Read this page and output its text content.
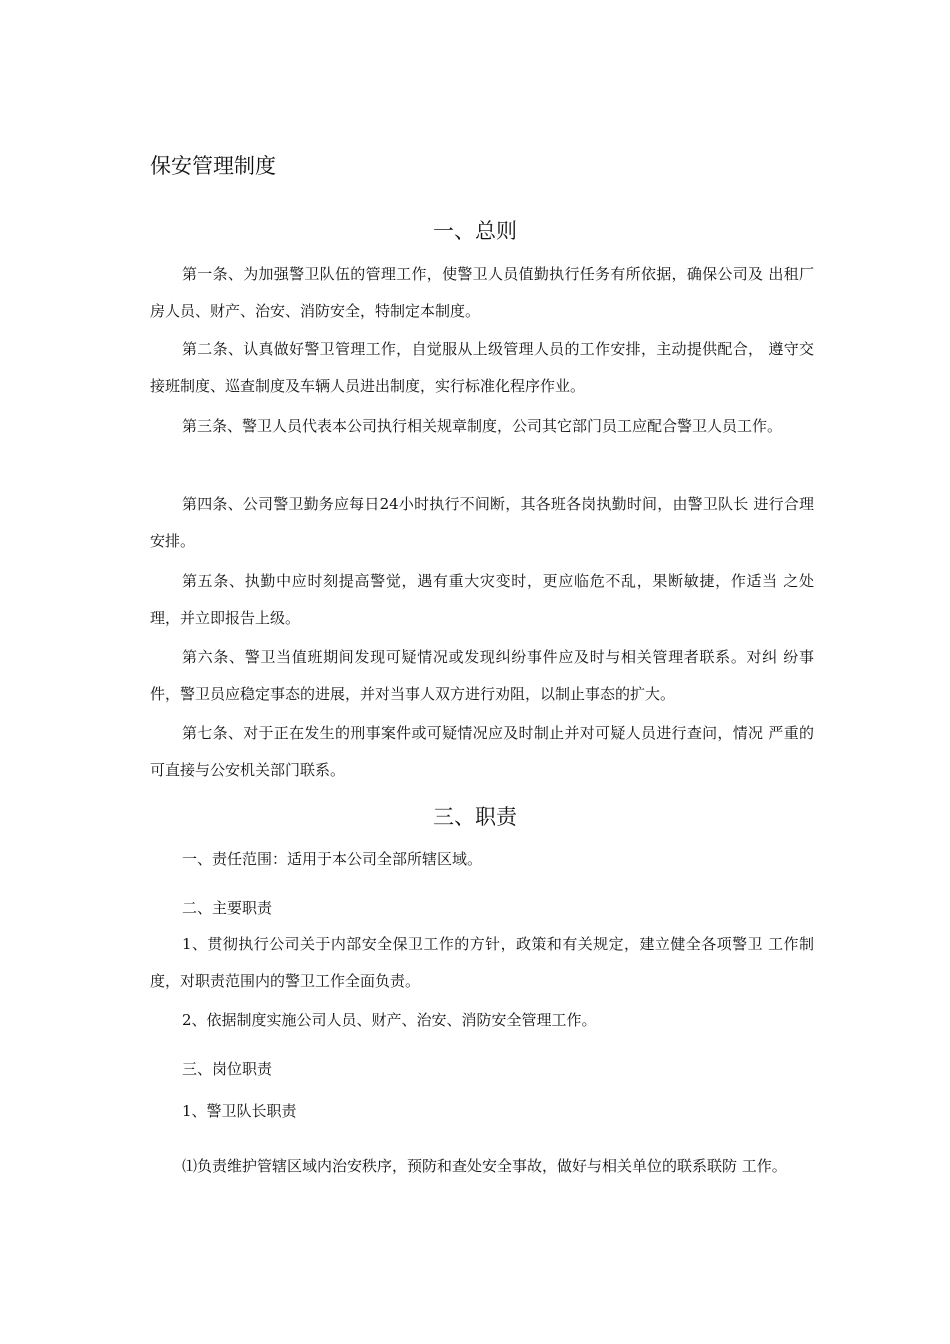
保安管理制度
一、总则
第一条、为加强警卫队伍的管理工作，使警卫人员值勤执行任务有所依据，确保公司及 出租厂房人员、财产、治安、消防安全，特制定本制度。
第二条、认真做好警卫管理工作，自觉服从上级管理人员的工作安排，主动提供配合， 遵守交接班制度、巡查制度及车辆人员进出制度，实行标准化程序作业。
第三条、警卫人员代表本公司执行相关规章制度，公司其它部门员工应配合警卫人员工作。
第四条、公司警卫勤务应每日24小时执行不间断，其各班各岗执勤时间，由警卫队长 进行合理安排。
第五条、执勤中应时刻提高警觉，遇有重大灾变时，更应临危不乱，果断敏捷，作适当 之处理，并立即报告上级。
第六条、警卫当值班期间发现可疑情况或发现纠纷事件应及时与相关管理者联系。对纠 纷事件，警卫员应稳定事态的进展，并对当事人双方进行劝阻，以制止事态的扩大。
第七条、对于正在发生的刑事案件或可疑情况应及时制止并对可疑人员进行查问，情况 严重的可直接与公安机关部门联系。
三、职责
一、责任范围：适用于本公司全部所辖区域。
二、主要职责
1、贯彻执行公司关于内部安全保卫工作的方针，政策和有关规定，建立健全各项警卫 工作制度，对职责范围内的警卫工作全面负责。
2、依据制度实施公司人员、财产、治安、消防安全管理工作。
三、岗位职责
1、警卫队长职责
⑴负责维护管辖区域内治安秩序，预防和查处安全事故，做好与相关单位的联系联防 工作。
